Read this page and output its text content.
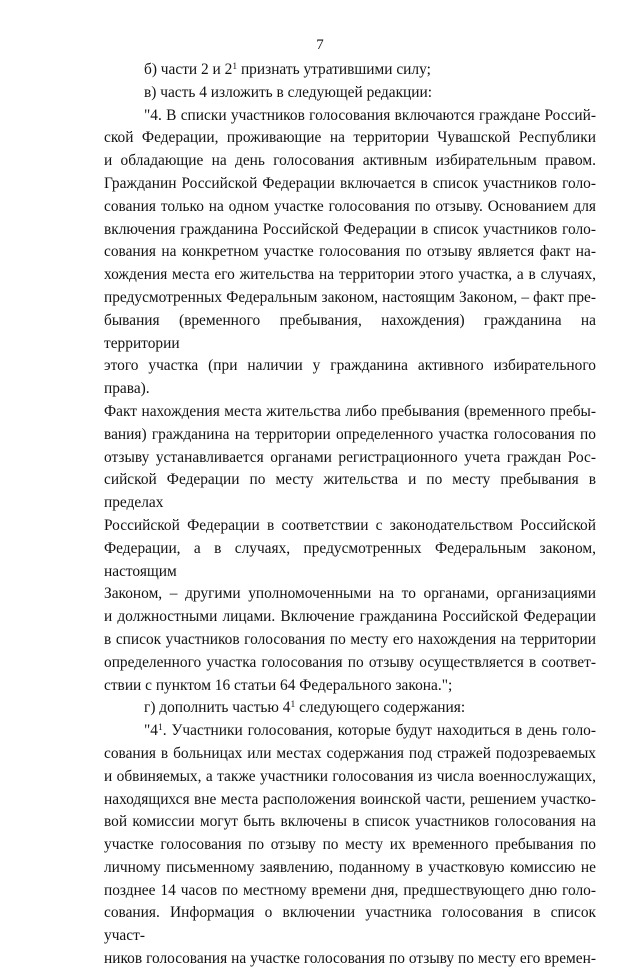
7

б) части 2 и $2^1$ признать утратившими силу;

в) часть 4 изложить в следующей редакции:

"4. В списки участников голосования включаются граждане Россий-

ской Федерации, проживающие на территории Чувашской Республики

и обладающие на день голосования активным избирательным правом.

Гражданин Российской Федерации включается в список участников голо-

сования только на одном участке голосования по отзыву. Основанием для

включения гражданина Российской Федерации в список участников голо-

сования на конкретном участке голосования по отзыву является факт на-

хождения места его жительства на территории этого участка, а в случаях,

предусмотренных Федеральным законом, настоящим Законом, – факт пре-

бывания (временного пребывания, нахождения) гражданина на территории

этого участка (при наличии у гражданина активного избирательного права).

Факт нахождения места жительства либо пребывания (временного пребы-

вания) гражданина на территории определенного участка голосования по

отзыву устанавливается органами регистрационного учета граждан Рос-

сийской Федерации по месту жительства и по месту пребывания в пределах

Российской Федерации в соответствии с законодательством Российской

Федерации, а в случаях, предусмотренных Федеральным законом, настоящим

Законом, – другими уполномоченными на то органами, организациями

и должностными лицами. Включение гражданина Российской Федерации

в список участников голосования по месту его нахождения на территории

определенного участка голосования по отзыву осуществляется в соответ-

ствии с пунктом 16 статьи 64 Федерального закона.";

г) дополнить частью $4^1$ следующего содержания:

"$4^1$. Участники голосования, которые будут находиться в день голо-

сования в больницах или местах содержания под стражей подозреваемых

и обвиняемых, а также участники голосования из числа военнослужащих,

находящихся вне места расположения воинской части, решением участко-

вой комиссии могут быть включены в список участников голосования на

участке голосования по отзыву по месту их временного пребывания по

личному письменному заявлению, поданному в участковую комиссию не

позднее 14 часов по местному времени дня, предшествующего дню голо-

сования. Информация о включении участника голосования в список участ-

ников голосования на участке голосования по отзыву по месту его времен-
